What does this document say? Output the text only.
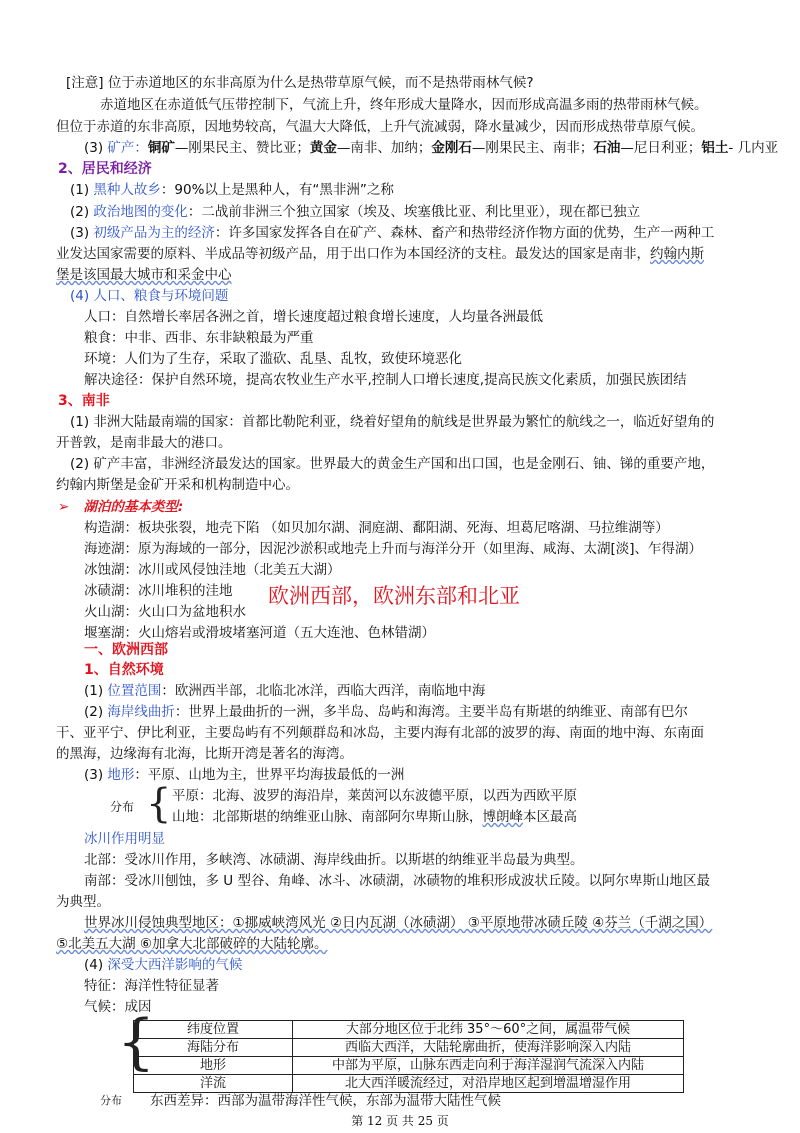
[注意] 位于赤道地区的东非高原为什么是热带草原气候，而不是热带雨林气候?
赤道地区在赤道低气压带控制下，气流上升，终年形成大量降水，因而形成高温多雨的热带雨林气候。
但位于赤道的东非高原，因地势较高，气温大大降低，上升气流减弱，降水量减少，因而形成热带草原气候。
(3) 矿产：铜矿—刚果民主、赞比亚；黄金—南非、加纳；金刚石—刚果民主、南非；石油—尼日利亚；铝土- 几内亚
2、居民和经济
(1) 黑种人故乡：90%以上是黑种人，有“黑非洲”之称
(2) 政治地图的变化：二战前非洲三个独立国家（埃及、埃塞俄比亚、利比里亚），现在都已独立
(3) 初级产品为主的经济：许多国家发挥各自在矿产、森林、畜产和热带经济作物方面的优势，生产一两种工
业发达国家需要的原料、半成品等初级产品，用于出口作为本国经济的支柱。最发达的国家是南非，约翰内斯
堡是该国最大城市和采金中心
(4) 人口、粮食与环境问题
人口：自然增长率居各洲之首，增长速度超过粮食增长速度，人均量各洲最低
粮食：中非、西非、东非缺粮最为严重
环境：人们为了生存，采取了滥砍、乱垦、乱牧，致使环境恶化
解决途径：保护自然环境，提高农牧业生产水平,控制人口增长速度,提高民族文化素质，加强民族团结
3、南非
(1) 非洲大陆最南端的国家：首都比勒陀利亚，绕着好望角的航线是世界最为繁忙的航线之一，临近好望角的
开普敦，是南非最大的港口。
(2) 矿产丰富，非洲经济最发达的国家。世界最大的黄金生产国和出口国，也是金刚石、铀、锑的重要产地，
约翰内斯堡是金矿开采和机构制造中心。
➢ 湖泊的基本类型:
构造湖：板块张裂，地壳下陷 （如贝加尔湖、洞庭湖、鄱阳湖、死海、坦葛尼喀湖、马拉维湖等）
海迹湖：原为海域的一部分，因泥沙淤积或地壳上升而与海洋分开（如里海、咸海、太湖[淡]、乍得湖）
冰蚀湖：冰川或风侵蚀洼地（北美五大湖）
冰碛湖：冰川堆积的洼地
火山湖：火山口为盆地积水
堰塞湖：火山熔岩或滑坡堵塞河道（五大连池、色林错湖）
欧洲西部，欧洲东部和北亚
一、欧洲西部
1、自然环境
(1) 位置范围：欧洲西半部，北临北冰洋，西临大西洋，南临地中海
(2) 海岸线曲折：世界上最曲折的一洲，多半岛、岛屿和海湾。主要半岛有斯堪的纳维亚、南部有巴尔
干、亚平宁、伊比利亚，主要岛屿有不列颠群岛和冰岛，主要内海有北部的波罗的海、南面的地中海、东南面
的黑海，边缘海有北海，比斯开湾是著名的海湾。
(3) 地形：平原、山地为主，世界平均海拔最低的一洲
分布 { 平原：北海、波罗的海沿岸，莱茵河以东波德平原，以西为西欧平原
山地：北部斯堪的纳维亚山脉、南部阿尔卑斯山脉，博朗峰本区最高
冰川作用明显
北部：受冰川作用，多峡湾、冰碛湖、海岸线曲折。以斯堪的纳维亚半岛最为典型。
南部：受冰川刨蚀，多 U 型谷、角峰、冰斗、冰碛湖，冰碛物的堆积形成波状丘陵。以阿尔卑斯山地区最
为典型。
世界冰川侵蚀典型地区：①挪威峡湾风光 ②日内瓦湖（冰碛湖） ③平原地带冰碛丘陵 ④芬兰（千湖之国）
⑤北美五大湖 ⑥加拿大北部破碎的大陆轮廓。
(4) 深受大西洋影响的气候
特征：海洋性特征显著
气候：成因
纬度位置	大部分地区位于北纬 35°～60°之间，属温带气候
海陆分布	西临大西洋，大陆轮廓曲折，使海洋影响深入内陆
地形	中部为平原，山脉东西走向利于海洋湿润气流深入内陆
洋流	北大西洋暖流经过，对沿岸地区起到增温增湿作用
{
分布 东西差异：西部为温带海洋性气候，东部为温带大陆性气候
第 12 页 共 25 页
